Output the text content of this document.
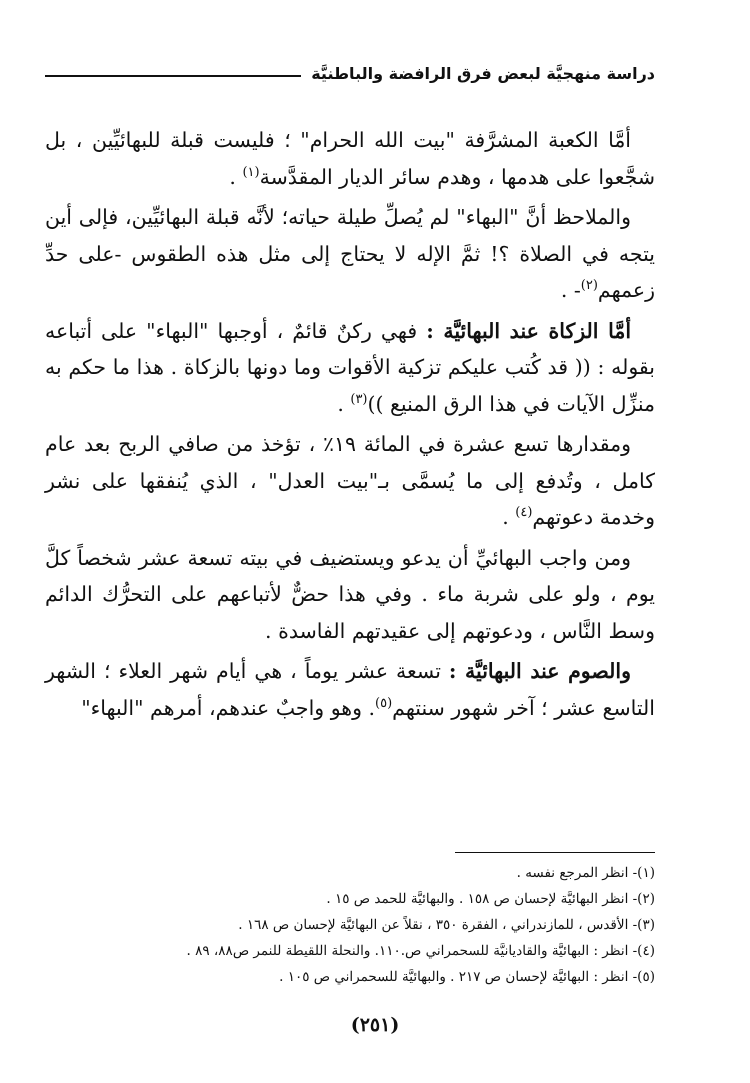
دراسة منهجيَّة لبعض فرق الرافضة والباطنيَّة

أمَّا الكعبة المشرَّفة "بيت الله الحرام" ؛ فليست قبلة للبهائيِّين ، بل شجَّعوا على هدمها ، وهدم سائر الديار المقدَّسة$^{(١)}$ .

والملاحظ أنَّ "البهاء" لم يُصلِّ طيلة حياته؛ لأنَّه قبلة البهائيِّين، فإلى أين يتجه في الصلاة ؟! ثمَّ الإله لا يحتاج إلى مثل هذه الطقوس -على حدِّ زعمهم$^{(٢)}$- .

أمَّا الزكاة عند البهائيَّة : فهي ركنٌ قائمٌ ، أوجبها "البهاء" على أتباعه بقوله : (( قد كُتب عليكم تزكية الأقوات وما دونها بالزكاة . هذا ما حكم به منزِّل الآيات في هذا الرق المنيع ))$^{(٣)}$ .

ومقدارها تسع عشرة في المائة ١٩٪ ، تؤخذ من صافي الربح بعد عام كامل ، وتُدفع إلى ما يُسمَّى بـ"بيت العدل" ، الذي يُنفقها على نشر وخدمة دعوتهم$^{(٤)}$ .

ومن واجب البهائيِّ أن يدعو ويستضيف في بيته تسعة عشر شخصاً كلَّ يوم ، ولو على شربة ماء . وفي هذا حضٌّ لأتباعهم على التحرُّك الدائم وسط النَّاس ، ودعوتهم إلى عقيدتهم الفاسدة .

والصوم عند البهائيَّة : تسعة عشر يوماً ، هي أيام شهر العلاء ؛ الشهر التاسع عشر ؛ آخر شهور سنتهم$^{(٥)}$. وهو واجبٌ عندهم، أمرهم "البهاء"

(١)- انظر المرجع نفسه .
(٢)- انظر البهائيَّة لإحسان ص ١٥٨ . والبهائيَّة للحمد ص ١٥ .
(٣)- الأقدس ، للمازندراني ، الفقرة ٣٥٠ ، نقلاً عن البهائيَّة لإحسان ص ١٦٨ .
(٤)- انظر : البهائيَّة والقاديانيَّة للسحمراني ص.١١٠. والنحلة اللقيطة للنمر ص٨٨، ٨٩ .
(٥)- انظر : البهائيَّة لإحسان ص ٢١٧ . والبهائيَّة للسحمراني ص ١٠٥ .
(٢٥١)
